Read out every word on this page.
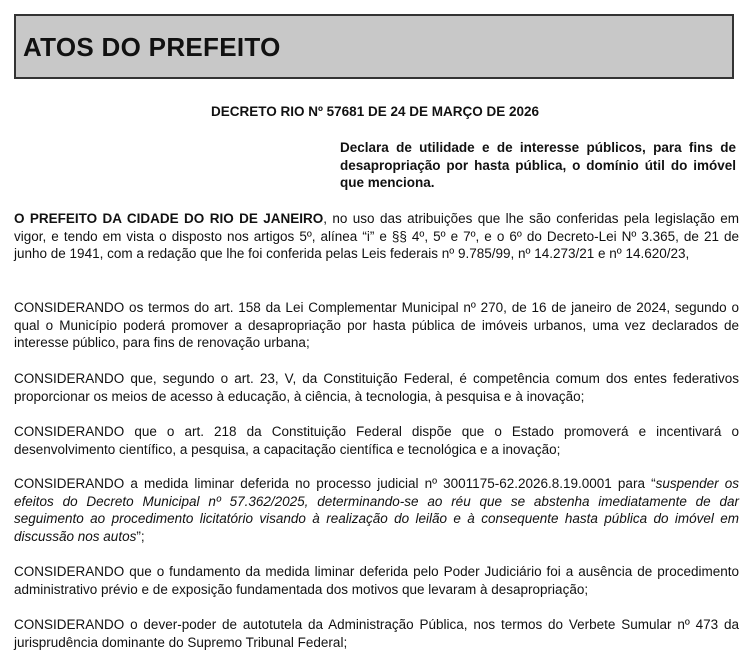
ATOS DO PREFEITO
DECRETO RIO Nº 57681 DE 24 DE MARÇO DE 2026
Declara de utilidade e de interesse públicos, para fins de desapropriação por hasta pública, o domínio útil do imóvel que menciona.
O PREFEITO DA CIDADE DO RIO DE JANEIRO, no uso das atribuições que lhe são conferidas pela legislação em vigor, e tendo em vista o disposto nos artigos 5º, alínea “i” e §§ 4º, 5º e 7º, e o 6º do Decreto-Lei Nº 3.365, de 21 de junho de 1941, com a redação que lhe foi conferida pelas Leis federais nº 9.785/99, nº 14.273/21 e nº 14.620/23,
CONSIDERANDO os termos do art. 158 da Lei Complementar Municipal nº 270, de 16 de janeiro de 2024, segundo o qual o Município poderá promover a desapropriação por hasta pública de imóveis urbanos, uma vez declarados de interesse público, para fins de renovação urbana;
CONSIDERANDO que, segundo o art. 23, V, da Constituição Federal, é competência comum dos entes federativos proporcionar os meios de acesso à educação, à ciência, à tecnologia, à pesquisa e à inovação;
CONSIDERANDO que o art. 218 da Constituição Federal dispõe que o Estado promoverá e incentivará o desenvolvimento científico, a pesquisa, a capacitação científica e tecnológica e a inovação;
CONSIDERANDO a medida liminar deferida no processo judicial nº 3001175-62.2026.8.19.0001 para “suspender os efeitos do Decreto Municipal nº 57.362/2025, determinando-se ao réu que se abstenha imediatamente de dar seguimento ao procedimento licitatório visando à realização do leilão e à consequente hasta pública do imóvel em discussão nos autos”;
CONSIDERANDO que o fundamento da medida liminar deferida pelo Poder Judiciário foi a ausência de procedimento administrativo prévio e de exposição fundamentada dos motivos que levaram à desapropriação;
CONSIDERANDO o dever-poder de autotutela da Administração Pública, nos termos do Verbete Sumular nº 473 da jurisprudência dominante do Supremo Tribunal Federal;
